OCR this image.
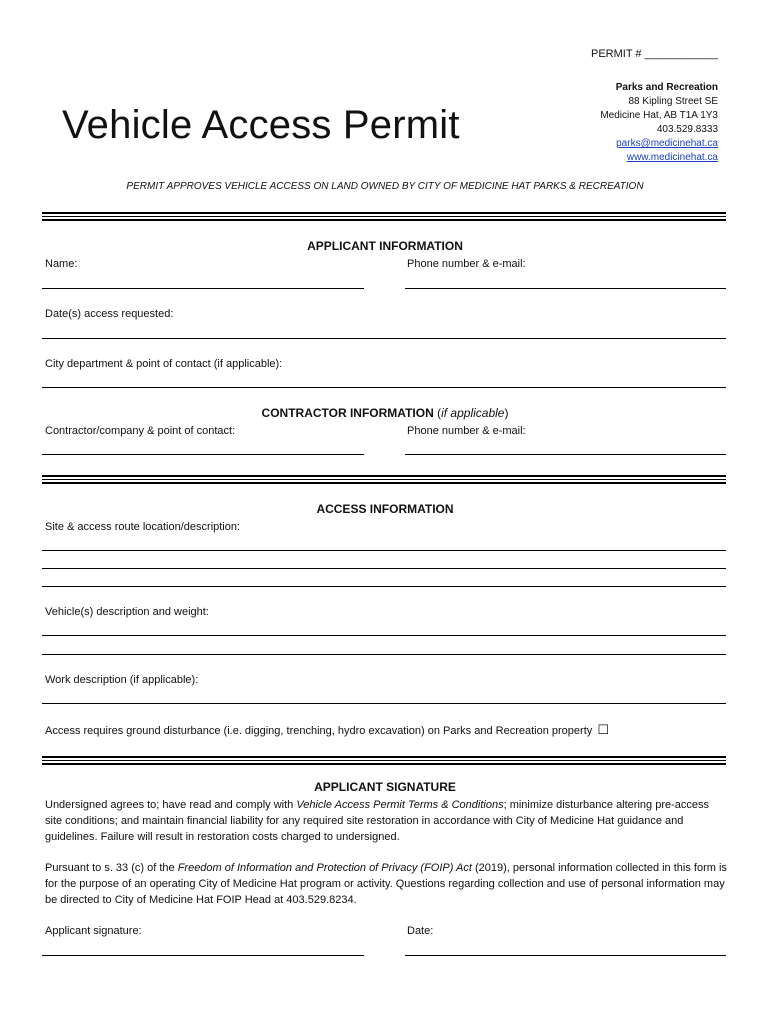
PERMIT # ____________
Vehicle Access Permit
Parks and Recreation
88 Kipling Street SE
Medicine Hat, AB T1A 1Y3
403.529.8333
parks@medicinehat.ca
www.medicinehat.ca
PERMIT APPROVES VEHICLE ACCESS ON LAND OWNED BY CITY OF MEDICINE HAT PARKS & RECREATION
APPLICANT INFORMATION
Name:	Phone number & e-mail:
Date(s) access requested:
City department & point of contact (if applicable):
CONTRACTOR INFORMATION (if applicable)
Contractor/company & point of contact:	Phone number & e-mail:
ACCESS INFORMATION
Site & access route location/description:
Vehicle(s) description and weight:
Work description (if applicable):
Access requires ground disturbance (i.e. digging, trenching, hydro excavation) on Parks and Recreation property ☐
APPLICANT SIGNATURE
Undersigned agrees to; have read and comply with Vehicle Access Permit Terms & Conditions; minimize disturbance altering pre-access site conditions; and maintain financial liability for any required site restoration in accordance with City of Medicine Hat guidance and guidelines. Failure will result in restoration costs charged to undersigned.
Pursuant to s. 33 (c) of the Freedom of Information and Protection of Privacy (FOIP) Act (2019), personal information collected in this form is for the purpose of an operating City of Medicine Hat program or activity. Questions regarding collection and use of personal information may be directed to City of Medicine Hat FOIP Head at 403.529.8234.
Applicant signature:	Date:
